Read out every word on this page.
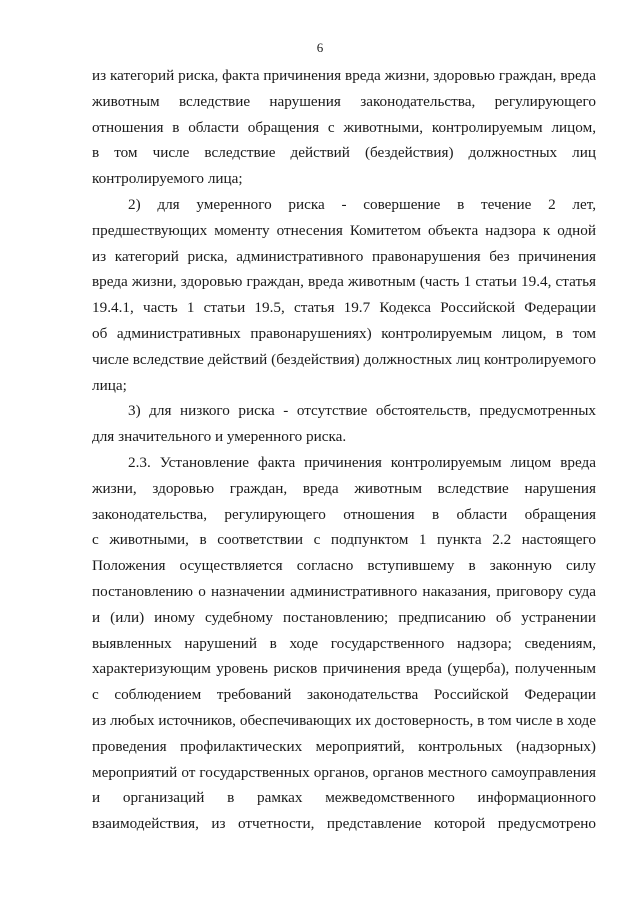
6
из категорий риска, факта причинения вреда жизни, здоровью граждан, вреда
животным вследствие нарушения законодательства, регулирующего
отношения в области обращения с животными, контролируемым лицом,
в том числе вследствие действий (бездействия) должностных лиц
контролируемого лица;
2) для умеренного риска - совершение в течение 2 лет,
предшествующих моменту отнесения Комитетом объекта надзора к одной
из категорий риска, административного правонарушения без причинения
вреда жизни, здоровью граждан, вреда животным (часть 1 статьи 19.4, статья
19.4.1, часть 1 статьи 19.5, статья 19.7 Кодекса Российской Федерации
об административных правонарушениях) контролируемым лицом, в том
числе вследствие действий (бездействия) должностных лиц контролируемого
лица;
3) для низкого риска - отсутствие обстоятельств, предусмотренных
для значительного и умеренного риска.
2.3. Установление факта причинения контролируемым лицом вреда
жизни, здоровью граждан, вреда животным вследствие нарушения
законодательства, регулирующего отношения в области обращения
с животными, в соответствии с подпунктом 1 пункта 2.2 настоящего
Положения осуществляется согласно вступившему в законную силу
постановлению о назначении административного наказания, приговору суда
и (или) иному судебному постановлению; предписанию об устранении
выявленных нарушений в ходе государственного надзора; сведениям,
характеризующим уровень рисков причинения вреда (ущерба), полученным
с соблюдением требований законодательства Российской Федерации
из любых источников, обеспечивающих их достоверность, в том числе в ходе
проведения профилактических мероприятий, контрольных (надзорных)
мероприятий от государственных органов, органов местного самоуправления
и организаций в рамках межведомственного информационного
взаимодействия, из отчетности, представление которой предусмотрено
